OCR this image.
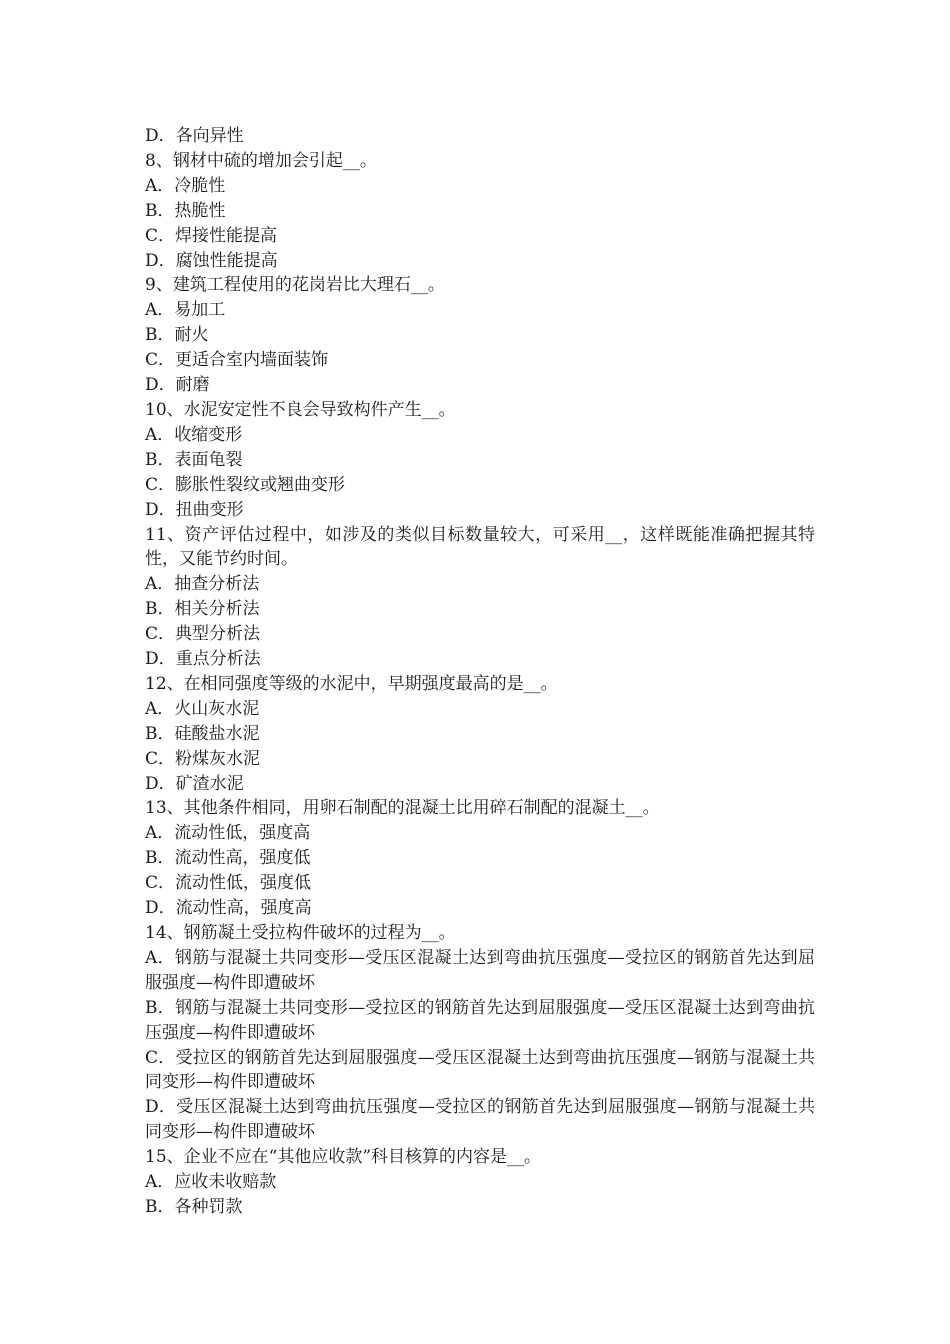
D．各向异性
8、钢材中硫的增加会引起__。
A．冷脆性
B．热脆性
C．焊接性能提高
D．腐蚀性能提高
9、建筑工程使用的花岗岩比大理石__。
A．易加工
B．耐火
C．更适合室内墙面装饰
D．耐磨
10、水泥安定性不良会导致构件产生__。
A．收缩变形
B．表面龟裂
C．膨胀性裂纹或翘曲变形
D．扭曲变形
11、资产评估过程中，如涉及的类似目标数量较大，可采用__，这样既能准确把握其特性，又能节约时间。
A．抽查分析法
B．相关分析法
C．典型分析法
D．重点分析法
12、在相同强度等级的水泥中，早期强度最高的是__。
A．火山灰水泥
B．硅酸盐水泥
C．粉煤灰水泥
D．矿渣水泥
13、其他条件相同，用卵石制配的混凝土比用碎石制配的混凝土__。
A．流动性低，强度高
B．流动性高，强度低
C．流动性低，强度低
D．流动性高，强度高
14、钢筋凝土受拉构件破坏的过程为__。
A．钢筋与混凝土共同变形—受压区混凝土达到弯曲抗压强度—受拉区的钢筋首先达到屈服强度—构件即遭破坏
B．钢筋与混凝土共同变形—受拉区的钢筋首先达到屈服强度—受压区混凝土达到弯曲抗压强度—构件即遭破坏
C．受拉区的钢筋首先达到屈服强度—受压区混凝土达到弯曲抗压强度—钢筋与混凝土共同变形—构件即遭破坏
D．受压区混凝土达到弯曲抗压强度—受拉区的钢筋首先达到屈服强度—钢筋与混凝土共同变形—构件即遭破坏
15、企业不应在“其他应收款”科目核算的内容是__。
A．应收未收赔款
B．各种罚款
